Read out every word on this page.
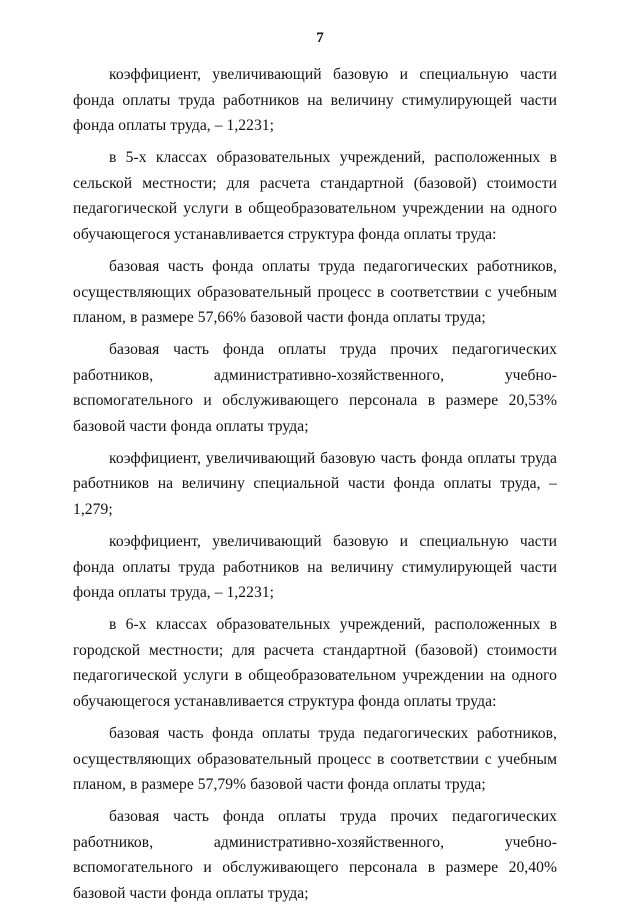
7

коэффициент, увеличивающий базовую и специальную части фонда оплаты труда работников на величину стимулирующей части фонда оплаты труда, – 1,2231;

в 5-х классах образовательных учреждений, расположенных в сельской местности; для расчета стандартной (базовой) стоимости педагогической услуги в общеобразовательном учреждении на одного обучающегося устанавливается структура фонда оплаты труда:

базовая часть фонда оплаты труда педагогических работников, осуществляющих образовательный процесс в соответствии с учебным планом, в размере 57,66% базовой части фонда оплаты труда;

базовая часть фонда оплаты труда прочих педагогических работников, административно-хозяйственного, учебно-вспомогательного и обслуживающего персонала в размере 20,53% базовой части фонда оплаты труда;

коэффициент, увеличивающий базовую часть фонда оплаты труда работников на величину специальной части фонда оплаты труда, – 1,279;

коэффициент, увеличивающий базовую и специальную части фонда оплаты труда работников на величину стимулирующей части фонда оплаты труда, – 1,2231;

в 6-х классах образовательных учреждений, расположенных в городской местности; для расчета стандартной (базовой) стоимости педагогической услуги в общеобразовательном учреждении на одного обучающегося устанавливается структура фонда оплаты труда:

базовая часть фонда оплаты труда педагогических работников, осуществляющих образовательный процесс в соответствии с учебным планом, в размере 57,79% базовой части фонда оплаты труда;

базовая часть фонда оплаты труда прочих педагогических работников, административно-хозяйственного, учебно-вспомогательного и обслуживающего персонала в размере 20,40% базовой части фонда оплаты труда;
